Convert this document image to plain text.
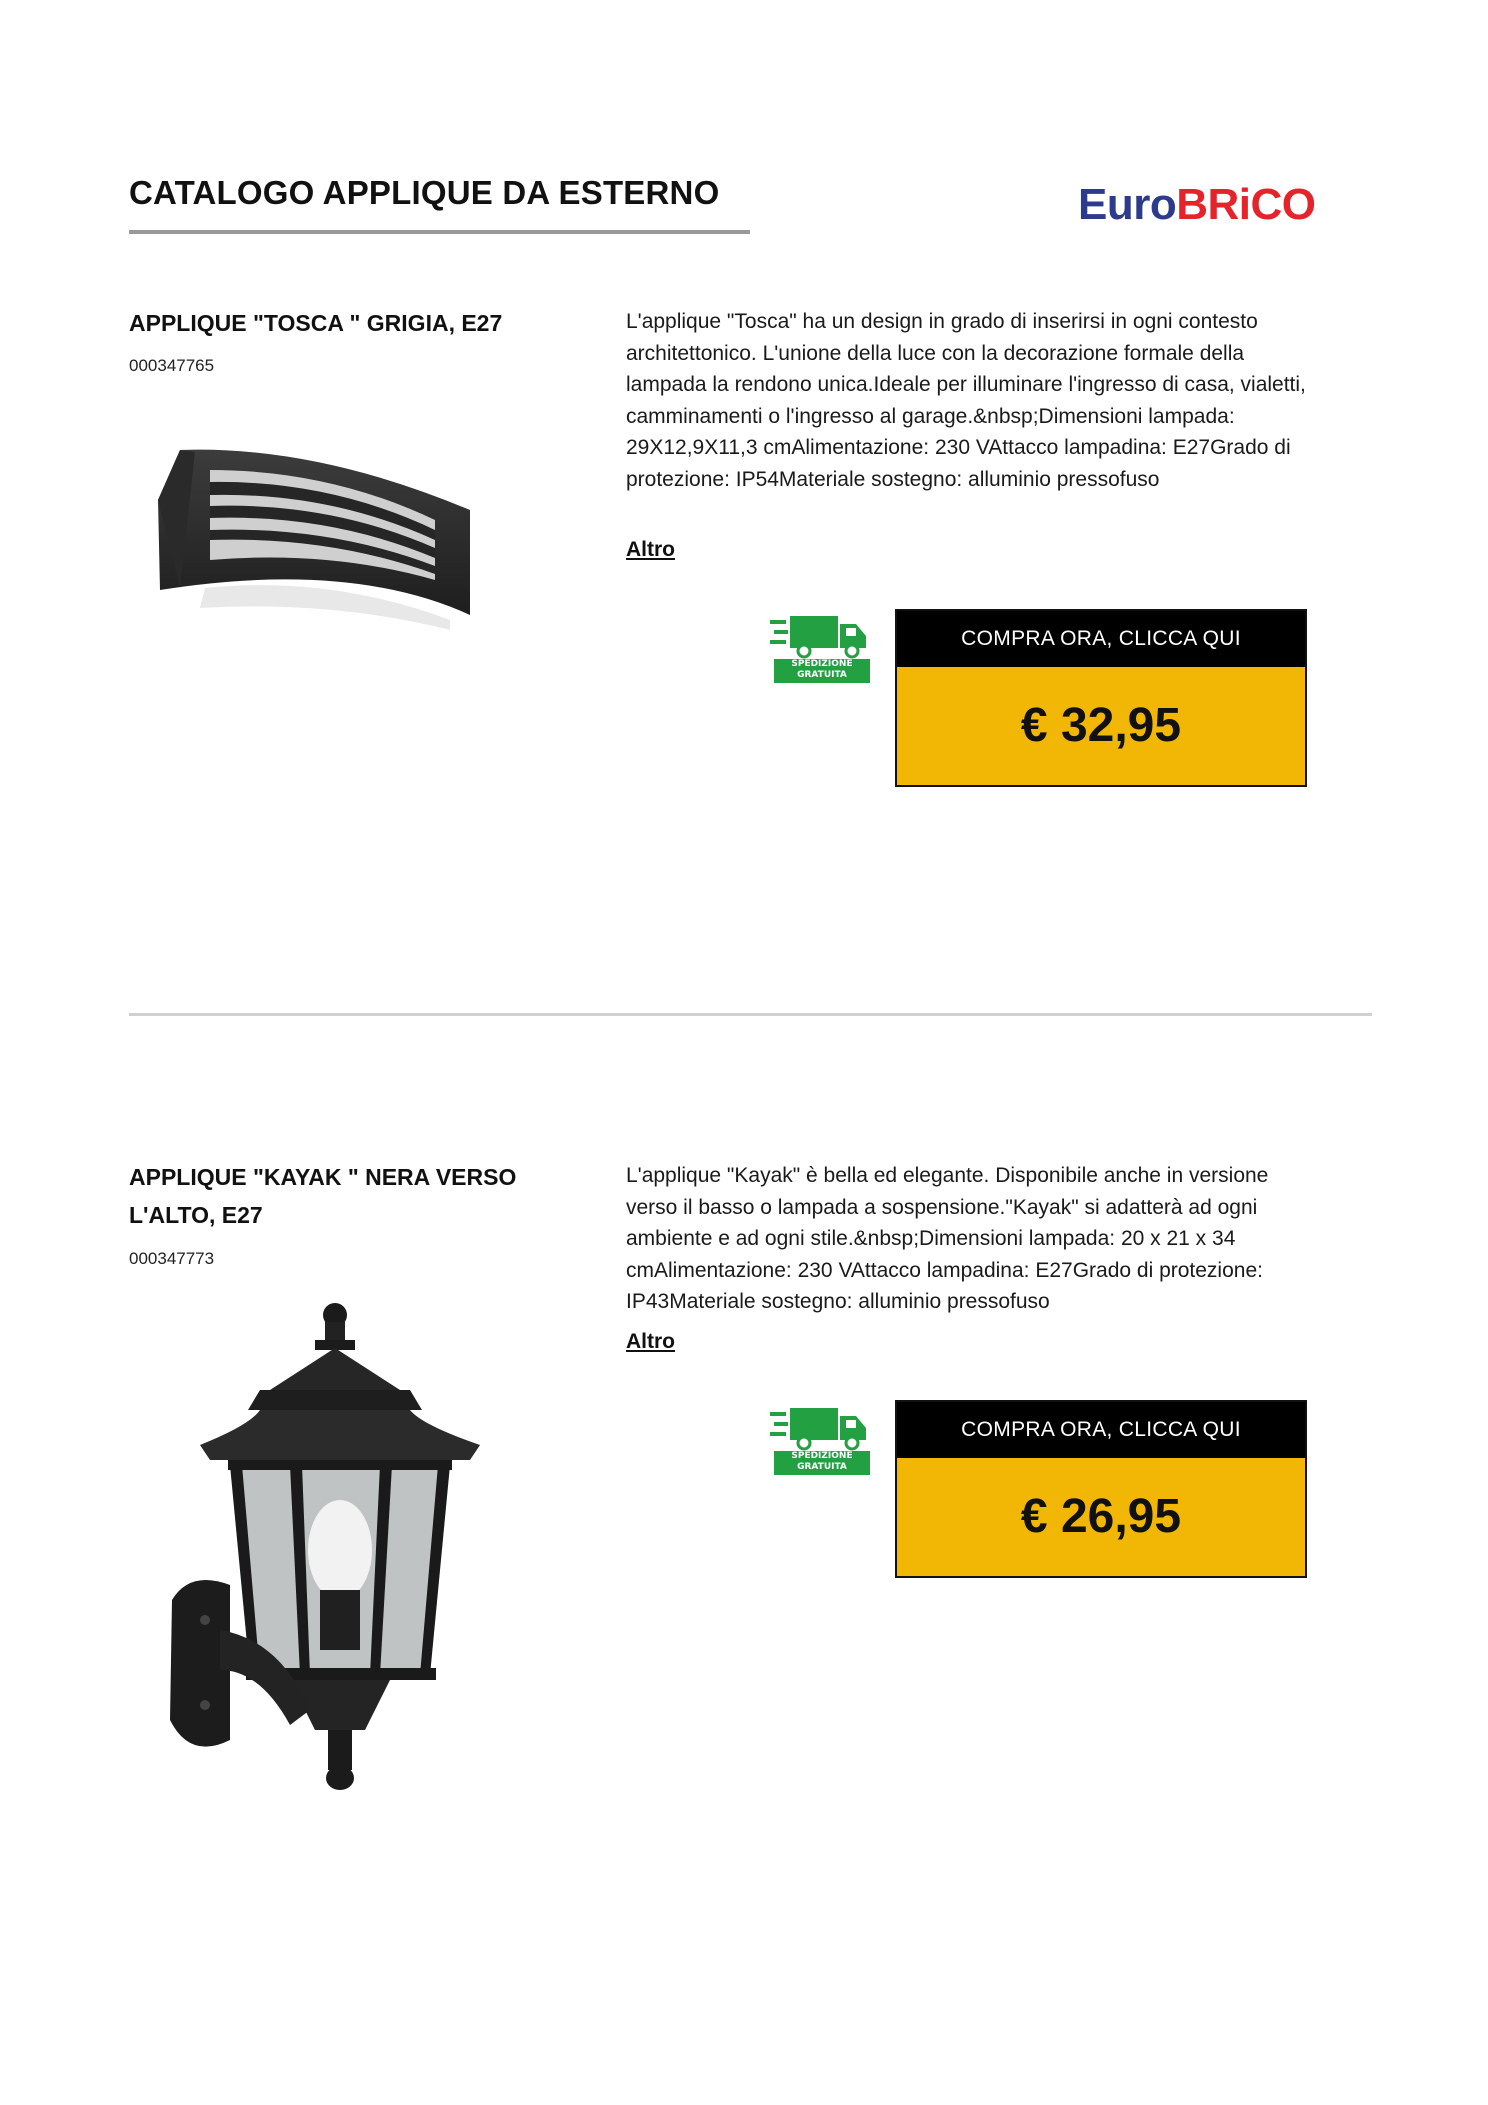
CATALOGO APPLIQUE DA ESTERNO	EuroBRiCO
APPLIQUE "TOSCA " GRIGIA, E27
000347765
L'applique "Tosca" ha un design in grado di inserirsi in ogni contesto architettonico. L'unione della luce con la decorazione formale della lampada la rendono unica.Ideale per illuminare l'ingresso di casa, vialetti, camminamenti o l'ingresso al garage.&nbsp;Dimensioni lampada: 29X12,9X11,3 cmAlimentazione: 230 VAttacco lampadina: E27Grado di protezione: IP54Materiale sostegno: alluminio pressofuso
Altro
SPEDIZIONE
GRATUITA
COMPRA ORA, CLICCA QUI
€ 32,95
APPLIQUE "KAYAK " NERA VERSO L'ALTO, E27
000347773
L'applique "Kayak" è bella ed elegante. Disponibile anche in versione verso il basso o lampada a sospensione."Kayak" si adatterà ad ogni ambiente e ad ogni stile.&nbsp;Dimensioni lampada: 20 x 21 x 34 cmAlimentazione: 230 VAttacco lampadina: E27Grado di protezione: IP43Materiale sostegno: alluminio pressofuso
Altro
SPEDIZIONE
GRATUITA
COMPRA ORA, CLICCA QUI
€ 26,95
